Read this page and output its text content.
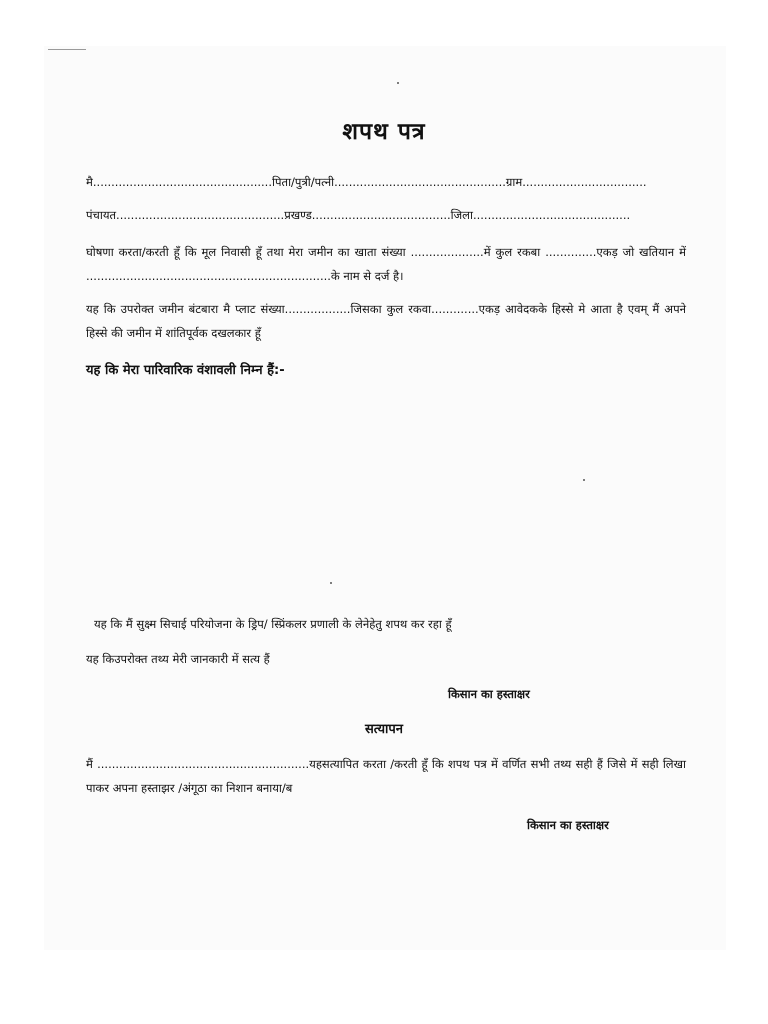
शपथ पत्र
मै.................................................पिता/पुत्री/पत्नी...............................................ग्राम..................................
पंचायत..............................................प्रखण्ड......................................जिला...........................................
घोषणा करता/करती हूँ कि मूल निवासी हूँ तथा मेरा जमीन का खाता संख्या ....................में कुल रकबा ..............एकड़ जो खतियान में ...................................................................के नाम से दर्ज है।
यह कि उपरोक्त जमीन बंटबारा मै प्लाट संख्या..................जिसका कुल रकवा.............एकड़ आवेदकके हिस्से मे आता है एवम् मैं अपने हिस्से की जमीन में शांतिपूर्वक दखलकार हूँ
यह कि मेरा पारिवारिक वंशावली निम्न हैं:-
यह कि मैं सुक्ष्म सिचाई परियोजना के ड्रिप/ स्प्रिंकलर प्रणाली के लेनेहेतु शपथ कर रहा हूँ
यह किउपरोक्त तथ्य मेरी जानकारी में सत्य हैं
किसान का हस्ताक्षर
सत्यापन
मैं ..........................................................यहसत्यापित करता /करती हूँ कि शपथ पत्र में वर्णित सभी तथ्य सही हैं जिसे में सही लिखा पाकर अपना हस्ताझर /अंगूठा का निशान बनाया/ब
किसान का हस्ताक्षर
